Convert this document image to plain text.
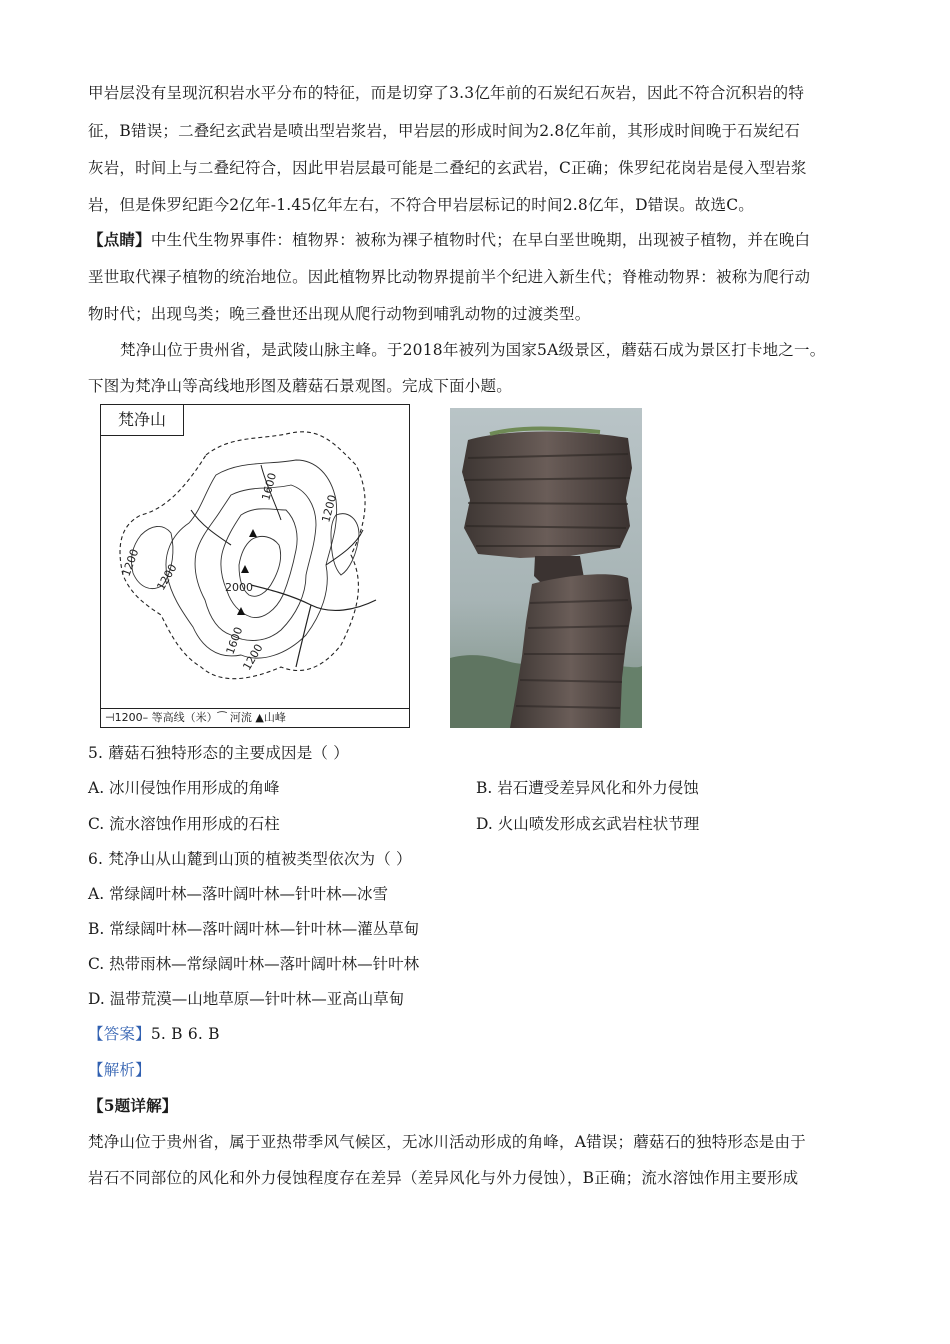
甲岩层没有呈现沉积岩水平分布的特征，而是切穿了3.3亿年前的石炭纪石灰岩，因此不符合沉积岩的特
征，B错误；二叠纪玄武岩是喷出型岩浆岩，甲岩层的形成时间为2.8亿年前，其形成时间晚于石炭纪石
灰岩，时间上与二叠纪符合，因此甲岩层最可能是二叠纪的玄武岩，C正确；侏罗纪花岗岩是侵入型岩浆
岩，但是侏罗纪距今2亿年-1.45亿年左右，不符合甲岩层标记的时间2.8亿年，D错误。故选C。
【点睛】中生代生物界事件：植物界：被称为裸子植物时代；在早白垩世晚期，出现被子植物，并在晚白
垩世取代裸子植物的统治地位。因此植物界比动物界提前半个纪进入新生代；脊椎动物界：被称为爬行动
物时代；出现鸟类；晚三叠世还出现从爬行动物到哺乳动物的过渡类型。
梵净山位于贵州省，是武陵山脉主峰。于2018年被列为国家5A级景区，蘑菇石成为景区打卡地之一。
下图为梵净山等高线地形图及蘑菇石景观图。完成下面小题。
梵净山
1600
1200
1200 1200	2000
1600
1200
⊣1200– 等高线（米）⁀ 河流 ▲山峰
5. 蘑菇石独特形态的主要成因是（ ）
A. 冰川侵蚀作用形成的角峰	B. 岩石遭受差异风化和外力侵蚀
C. 流水溶蚀作用形成的石柱	D. 火山喷发形成玄武岩柱状节理
6. 梵净山从山麓到山顶的植被类型依次为（ ）
A. 常绿阔叶林—落叶阔叶林—针叶林—冰雪
B. 常绿阔叶林—落叶阔叶林—针叶林—灌丛草甸
C. 热带雨林—常绿阔叶林—落叶阔叶林—针叶林
D. 温带荒漠—山地草原—针叶林—亚高山草甸
【答案】5. B 6. B
【解析】
【5题详解】
梵净山位于贵州省，属于亚热带季风气候区，无冰川活动形成的角峰，A错误；蘑菇石的独特形态是由于
岩石不同部位的风化和外力侵蚀程度存在差异（差异风化与外力侵蚀），B正确；流水溶蚀作用主要形成
